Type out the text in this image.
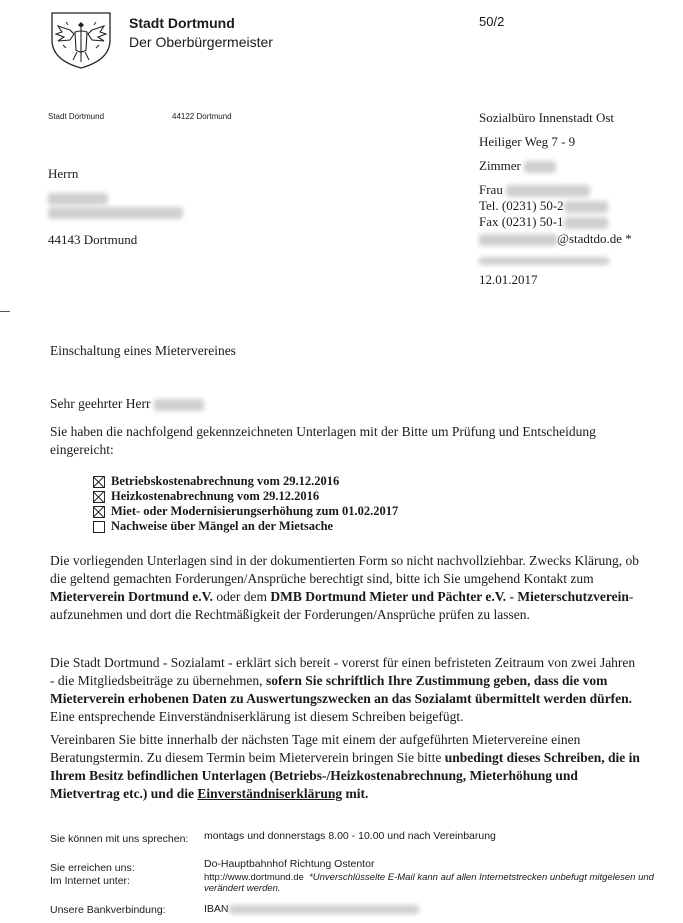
Stadt Dortmund
Der Oberbürgermeister
50/2
Stadt Dortmund	44122 Dortmund
Herrn
44143 Dortmund
Sozialbüro Innenstadt Ost
Heiliger Weg 7 - 9
Zimmer
Frau
Tel. (0231) 50-2
Fax (0231) 50-1
@stadtdo.de *
12.01.2017
Einschaltung eines Mietervereines
Sehr geehrter Herr
Sie haben die nachfolgend gekennzeichneten Unterlagen mit der Bitte um Prüfung und Entscheidung eingereicht:
Betriebskostenabrechnung vom 29.12.2016
Heizkostenabrechnung vom 29.12.2016
Miet- oder Modernisierungserhöhung zum 01.02.2017
Nachweise über Mängel an der Mietsache
Die vorliegenden Unterlagen sind in der dokumentierten Form so nicht nachvollziehbar. Zwecks Klärung, ob die geltend gemachten Forderungen/Ansprüche berechtigt sind, bitte ich Sie umgehend Kontakt zum Mieterverein Dortmund e.V. oder dem DMB Dortmund Mieter und Pächter e.V. - Mieterschutzverein- aufzunehmen und dort die Rechtmäßigkeit der Forderungen/Ansprüche prüfen zu lassen.
Die Stadt Dortmund - Sozialamt - erklärt sich bereit - vorerst für einen befristeten Zeitraum von zwei Jahren - die Mitgliedsbeiträge zu übernehmen, sofern Sie schriftlich Ihre Zustimmung geben, dass die vom Mieterverein erhobenen Daten zu Auswertungszwecken an das Sozialamt übermittelt werden dürfen. Eine entsprechende Einverständniserklärung ist diesem Schreiben beigefügt.
Vereinbaren Sie bitte innerhalb der nächsten Tage mit einem der aufgeführten Mietervereine einen Beratungstermin. Zu diesem Termin beim Mieterverein bringen Sie bitte unbedingt dieses Schreiben, die in Ihrem Besitz befindlichen Unterlagen (Betriebs-/Heizkostenabrechnung, Mieterhöhung und Mietvertrag etc.) und die Einverständniserklärung mit.
Sie können mit uns sprechen: montags und donnerstags 8.00 - 10.00 und nach Vereinbarung
Sie erreichen uns:
Im Internet unter:
Do-Hauptbahnhof Richtung Ostentor
http://www.dortmund.de *Unverschlüsselte E-Mail kann auf allen Internetstrecken unbefugt mitgelesen und verändert werden.
Unsere Bankverbindung:	IBAN
